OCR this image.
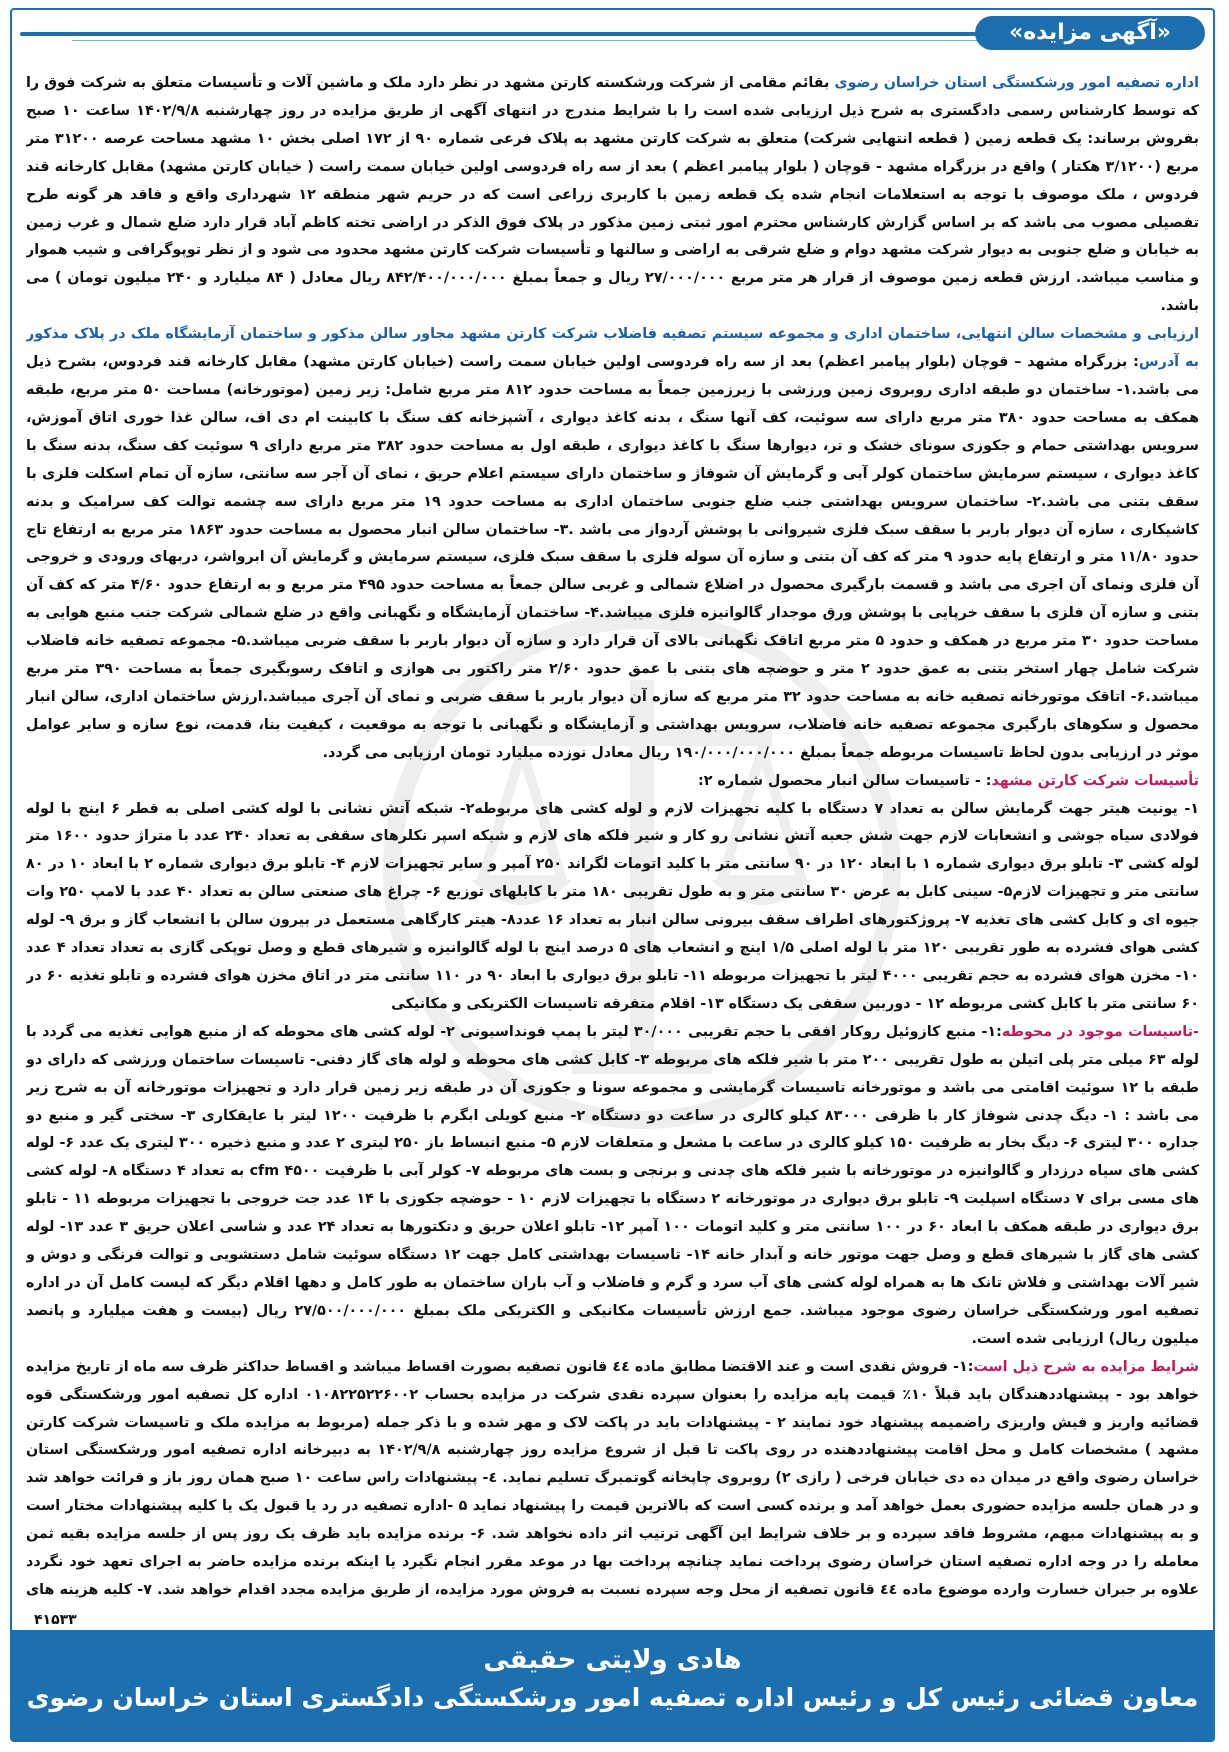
«آگهی مزایده»

اداره تصفیه امور ورشکستگی استان خراسان رضوی بقائم مقامی از شرکت ورشکسته کارتن مشهد در نظر دارد ملک و ماشین آلات و تأسیسات متعلق به شرکت فوق را که توسط کارشناس رسمی دادگستری به شرح ذیل ارزیابی شده است را با شرایط مندرج در انتهای آگهی از طریق مزایده در روز چهارشنبه ۱۴۰۲/۹/۸ ساعت ۱۰ صبح بفروش برساند: یک قطعه زمین ( قطعه انتهایی شرکت) متعلق به شرکت کارتن مشهد به پلاک فرعی شماره ۹۰ از ۱۷۲ اصلی بخش ۱۰ مشهد مساحت عرصه ۳۱۲۰۰ متر مربع (۳/۱۲۰۰ هکتار ) واقع در بزرگراه مشهد - قوچان ( بلوار پیامبر اعظم ) بعد از سه راه فردوسی اولین خیابان سمت راست ( خیابان کارتن مشهد) مقابل کارخانه قند فردوس ، ملک موصوف با توجه به استعلامات انجام شده یک قطعه زمین با کاربری زراعی است که در حریم شهر منطقه ۱۲ شهرداری واقع و فاقد هر گونه طرح تفصیلی مصوب می باشد که بر اساس گزارش کارشناس محترم امور ثبتی زمین مذکور در پلاک فوق الذکر در اراضی تخته کاظم آباد قرار دارد ضلع شمال و غرب زمین به خیابان و ضلع جنوبی به دیوار شرکت مشهد دوام و ضلع شرقی به اراضی و سالنها و تأسیسات شرکت کارتن مشهد محدود می شود و از نظر توپوگرافی و شیب هموار و مناسب میباشد. ارزش قطعه زمین موصوف از قرار هر متر مربع ۲۷/۰۰۰/۰۰۰ ریال و جمعاً بمبلغ ۸۴۲/۴۰۰/۰۰۰/۰۰۰ ریال معادل ( ۸۴ میلیارد و ۲۴۰ میلیون تومان ) می باشد.

ارزیابی و مشخصات سالن انتهایی، ساختمان اداری و مجموعه سیستم تصفیه فاضلاب شرکت کارتن مشهد مجاور سالن مذکور و ساختمان آزمایشگاه ملک در پلاک مذکور به آدرس: بزرگراه مشهد – قوچان (بلوار پیامبر اعظم) بعد از سه راه فردوسی اولین خیابان سمت راست (خیابان کارتن مشهد) مقابل کارخانه قند فردوس، بشرح ذیل می باشد.۱- ساختمان دو طبقه اداری روبروی زمین ورزشی با زیرزمین جمعاً به مساحت حدود ۸۱۲ متر مربع شامل: زیر زمین (موتورخانه) مساحت ۵۰ متر مربع، طبقه همکف به مساحت حدود ۳۸۰ متر مربع دارای سه سوئیت، کف آنها سنگ ، بدنه کاغذ دیواری ، آشپزخانه کف سنگ با کابینت ام دی اف، سالن غذا خوری اتاق آموزش، سرویس بهداشتی حمام و جکوزی سونای خشک و تر، دیوارها سنگ با کاغذ دیواری ، طبقه اول به مساحت حدود ۳۸۲ متر مربع دارای ۹ سوئیت کف سنگ، بدنه سنگ با کاغذ دیواری ، سیستم سرمایش ساختمان کولر آبی و گرمایش آن شوفاژ و ساختمان دارای سیستم اعلام حریق ، نمای آن آجر سه سانتی، سازه آن تمام اسکلت فلزی با سقف بتنی می باشد.۲- ساختمان سرویس بهداشتی جنب ضلع جنوبی ساختمان اداری به مساحت حدود ۱۹ متر مربع دارای سه چشمه توالت کف سرامیک و بدنه کاشیکاری ، سازه آن دیوار باربر با سقف سبک فلزی شیروانی با پوشش آردواز می باشد .۳- ساختمان سالن انبار محصول به مساحت حدود ۱۸۶۳ متر مربع به ارتفاع تاج حدود ۱۱/۸۰ متر و ارتفاع پایه حدود ۹ متر که کف آن بتنی و سازه آن سوله فلزی با سقف سبک فلزی، سیستم سرمایش و گرمایش آن ابرواشر، دربهای ورودی و خروجی آن فلزی ونمای آن اجری می باشد و قسمت بارگیری محصول در اضلاع شمالی و غربی سالن جمعاً به مساحت حدود ۴۹۵ متر مربع و به ارتفاع حدود ۴/۶۰ متر که کف آن بتنی و سازه آن فلزی با سقف خرپایی با پوشش ورق موجدار گالوانیزه فلزی میباشد.۴- ساختمان آزمایشگاه و نگهبانی واقع در ضلع شمالی شرکت جنب منبع هوایی به مساحت حدود ۳۰ متر مربع در همکف و حدود ۵ متر مربع اتاقک نگهبانی بالای آن قرار دارد و سازه آن دیوار باربر با سقف ضربی میباشد.۵- مجموعه تصفیه خانه فاضلاب شرکت شامل چهار استخر بتنی به عمق حدود ۲ متر و حوضچه های بتنی با عمق حدود ۲/۶۰ متر راکتور بی هوازی و اتاقک رسوبگیری جمعاً به مساحت ۳۹۰ متر مربع میباشد.۶- اتاقک موتورخانه تصفیه خانه به مساحت حدود ۳۲ متر مربع که سازه آن دیوار باربر با سقف ضربی و نمای آن آجری میباشد.ارزش ساختمان اداری، سالن انبار محصول و سکوهای بارگیری مجموعه تصفیه خانه فاضلاب، سرویس بهداشتی و آزمایشگاه و نگهبانی با توجه به موقعیت ، کیفیت بنا، قدمت، نوع سازه و سایر عوامل موثر در ارزیابی بدون لحاظ تاسیسات مربوطه جمعاً بمبلغ ۱۹۰/۰۰۰/۰۰۰/۰۰۰ ریال معادل نوزده میلیارد تومان ارزیابی می گردد.

تأسیسات شرکت کارتن مشهد: - تاسیسات سالن انبار محصول شماره ۲:

۱- یونیت هیتر جهت گرمایش سالن به تعداد ۷ دستگاه با کلیه تجهیزات لازم و لوله کشی های مربوطه۲- شبکه آتش نشانی با لوله کشی اصلی به قطر ۶ اینچ با لوله فولادی سیاه جوشی و انشعابات لازم جهت شش جعبه آتش نشانی رو کار و شیر فلکه های لازم و شبکه اسپر نکلرهای سقفی به تعداد ۲۴۰ عدد با متراژ حدود ۱۶۰۰ متر لوله کشی ۳- تابلو برق دیواری شماره ۱ با ابعاد ۱۲۰ در ۹۰ سانتی متر با کلید اتومات لگراند ۲۵۰ آمپر و سایر تجهیزات لازم ۴- تابلو برق دیواری شماره ۲ با ابعاد ۱۰ در ۸۰ سانتی متر و تجهیزات لازم۵- سینی کابل به عرض ۳۰ سانتی متر و به طول تقریبی ۱۸۰ متر با کابلهای توزیع ۶- چراغ های صنعتی سالن به تعداد ۴۰ عدد با لامپ ۲۵۰ وات جیوه ای و کابل کشی های تغذیه ۷- پروژکتورهای اطراف سقف بیرونی سالن انبار به تعداد ۱۶ عدد۸- هیتر کارگاهی مستعمل در بیرون سالن با انشعاب گاز و برق ۹- لوله کشی هوای فشرده به طور تقریبی ۱۲۰ متر با لوله اصلی ۱/۵ اینچ و انشعاب های ۵ درصد اینچ با لوله گالوانیزه و شیرهای قطع و وصل توپکی گازی به تعداد تعداد ۴ عدد ۱۰- مخزن هوای فشرده به حجم تقریبی ۴۰۰۰ لیتر با تجهیزات مربوطه ۱۱- تابلو برق دیواری با ابعاد ۹۰ در ۱۱۰ سانتی متر در اتاق مخزن هوای فشرده و تابلو تغذیه ۶۰ در ۶۰ سانتی متر با کابل کشی مربوطه ۱۲ - دوربین سقفی یک دستگاه ۱۳- اقلام متفرقه تاسیسات الکتریکی و مکانیکی

-تاسیسات موجود در محوطه:۱- منبع کازوئیل روکار افقی با حجم تقریبی ۳۰/۰۰۰ لیتر با پمپ فونداسیونی ۲- لوله کشی های محوطه که از منبع هوایی تغذیه می گردد با لوله ۶۳ میلی متر پلی اتیلن به طول تقریبی ۲۰۰ متر با شیر فلکه های مربوطه ۳- کابل کشی های محوطه و لوله های گاز دفنی- تاسیسات ساختمان ورزشی که دارای دو طبقه با ۱۲ سوئیت اقامتی می باشد و موتورخانه تاسیسات گرمایشی و مجموعه سونا و جکوزی آن در طبقه زیر زمین قرار دارد و تجهیزات موتورخانه آن به شرح زیر می باشد : ۱- دیگ چدنی شوفاژ کار با ظرفی ۸۳۰۰۰ کیلو کالری در ساعت دو دستگاه ۲- منبع کویلی ابگرم با ظرفیت ۱۲۰۰ لیتر با عایقکاری ۳- سختی گیر و منبع دو جداره ۳۰۰ لیتری ۶- دیگ بخار به ظرفیت ۱۵۰ کیلو کالری در ساعت با مشعل و متعلقات لازم ۵- منبع انبساط باز ۲۵۰ لیتری ۲ عدد و منبع ذخیره ۳۰۰ لیتری یک عدد ۶- لوله کشی های سیاه درزدار و گالوانیزه در موتورخانه با شیر فلکه های چدنی و برنجی و بست های مربوطه ۷- کولر آبی با ظرفیت ۴۵۰۰ cfm به تعداد ۴ دستگاه ۸- لوله کشی های مسی برای ۷ دستگاه اسپلیت ۹- تابلو برق دیواری در موتورخانه ۲ دستگاه با تجهیزات لازم ۱۰ - حوضچه جکوزی با ۱۴ عدد جت خروجی با تجهیزات مربوطه ۱۱ - تابلو برق دیواری در طبقه همکف با ابعاد ۶۰ در ۱۰۰ سانتی متر و کلید اتومات ۱۰۰ آمپر ۱۲- تابلو اعلان حریق و دتکتورها به تعداد ۲۴ عدد و شاسی اعلان حریق ۳ عدد ۱۳- لوله کشی های گاز با شیرهای قطع و وصل جهت موتور خانه و آبدار خانه ۱۴- تاسیسات بهداشتی کامل جهت ۱۲ دستگاه سوئیت شامل دستشویی و توالت فرنگی و دوش و شیر آلات بهداشتی و فلاش تانک ها به همراه لوله کشی های آب سرد و گرم و فاضلاب و آب باران ساختمان به طور کامل و دهها اقلام دیگر که لیست کامل آن در اداره تصفیه امور ورشکستگی خراسان رضوی موجود میباشد. جمع ارزش تأسیسات مکانیکی و الکتریکی ملک بمبلغ ۲۷/۵۰۰/۰۰۰/۰۰۰ ریال (بیست و هفت میلیارد و پانصد میلیون ریال) ارزیابی شده است.

شرایط مزایده به شرح ذیل است:۱- فروش نقدی است و عند الاقتضا مطابق ماده ٤٤ قانون تصفیه بصورت اقساط میباشد و اقساط حداکثر ظرف سه ماه از تاریخ مزایده خواهد بود - پیشنهاددهندگان باید قبلاً ۱۰٪ قیمت پایه مزایده را بعنوان سپرده نقدی شرکت در مزایده بحساب ۰۱۰۸۲۲۵۲۲۶۰۰۲ اداره کل تصفیه امور ورشکستگی قوه قضائیه واریز و فیش واریزی راضمیمه پیشنهاد خود نمایند ۲ - پیشنهادات باید در پاکت لاک و مهر شده و با ذکر جمله (مربوط به مزایده ملک و تاسیسات شرکت کارتن مشهد ) مشخصات کامل و محل اقامت پیشنهاددهنده در روی پاکت تا قبل از شروع مزایده روز چهارشنبه ۱۴۰۲/۹/۸ به دبیرخانه اداره تصفیه امور ورشکستگی استان خراسان رضوی واقع در میدان ده دی خیابان فرخی ( رازی ۲) روبروی چاپخانه گوتمبرگ تسلیم نماید. ٤- پیشنهادات راس ساعت ۱۰ صبح همان روز باز و قرائت خواهد شد و در همان جلسه مزایده حضوری بعمل خواهد آمد و برنده کسی است که بالاترین قیمت را پیشنهاد نماید ۵ -اداره تصفیه در رد یا قبول یک یا کلیه پیشنهادات مختار است و به پیشنهادات مبهم، مشروط فاقد سپرده و بر خلاف شرایط این آگهی ترتیب اثر داده نخواهد شد. ۶- برنده مزایده باید ظرف یک روز پس از جلسه مزایده بقیه ثمن معامله را در وجه اداره تصفیه استان خراسان رضوی پرداخت نماید چنانچه پرداخت بها در موعد مقرر انجام نگیرد یا اینکه برنده مزایده حاضر به اجرای تعهد خود نگردد علاوه بر جبران خسارت وارده موضوع ماده ٤٤ قانون تصفیه از محل وجه سپرده نسبت به فروش مورد مزایده، از طریق مزایده مجدد اقدام خواهد شد. ۷- کلیه هزینه های

۴۱۵۳۳
هادی ولایتی حقیقی
معاون قضائی رئیس کل و رئیس اداره تصفیه امور ورشکستگی دادگستری استان خراسان رضوی
